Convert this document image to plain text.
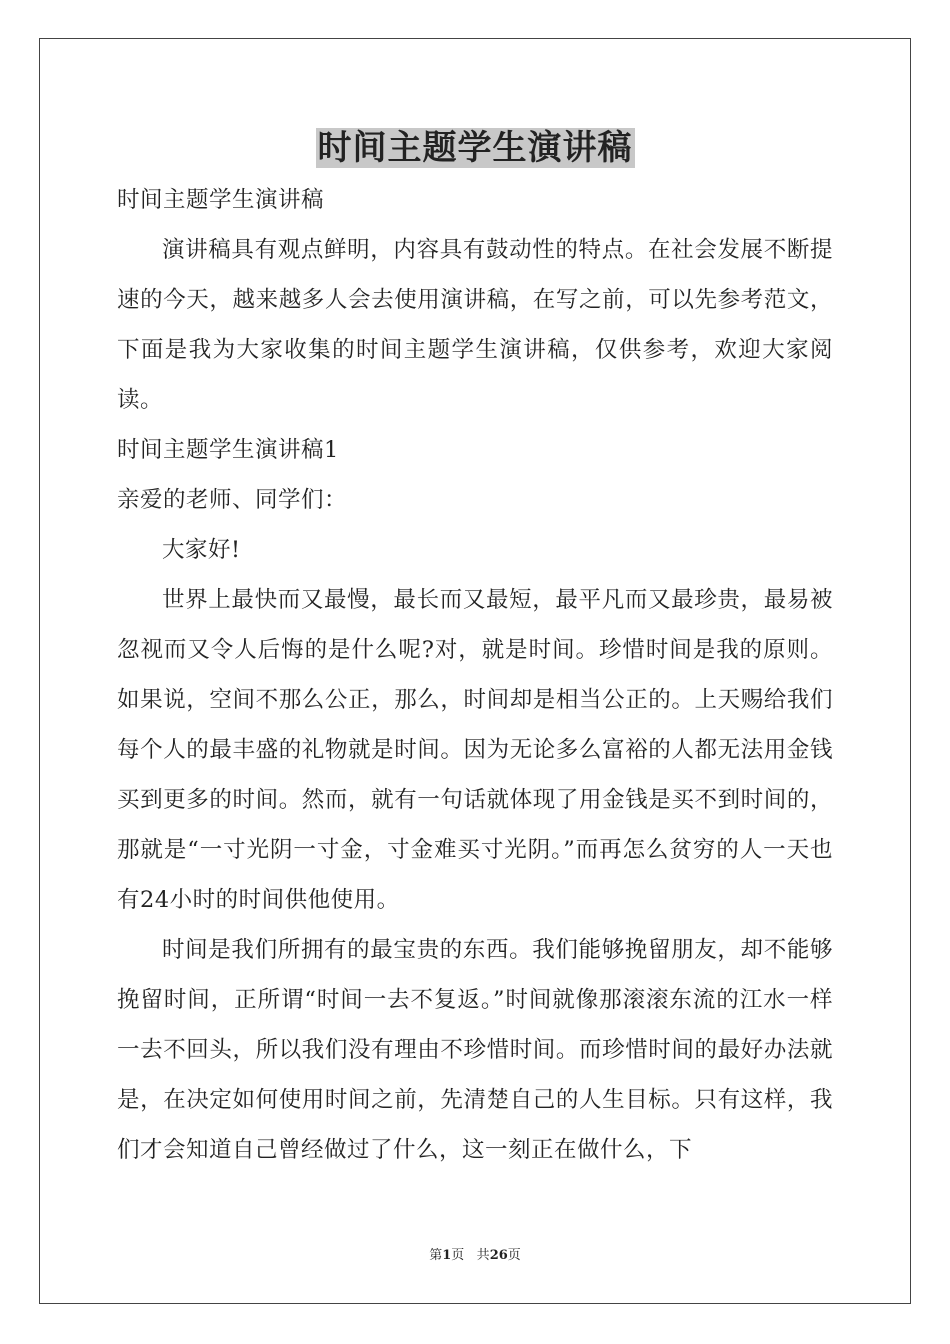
时间主题学生演讲稿

时间主题学生演讲稿

演讲稿具有观点鲜明，内容具有鼓动性的特点。在社会发展不断提速的今天，越来越多人会去使用演讲稿，在写之前，可以先参考范文，下面是我为大家收集的时间主题学生演讲稿，仅供参考，欢迎大家阅读。

时间主题学生演讲稿1

亲爱的老师、同学们：

大家好!

世界上最快而又最慢，最长而又最短，最平凡而又最珍贵，最易被忽视而又令人后悔的是什么呢?对，就是时间。珍惜时间是我的原则。如果说，空间不那么公正，那么，时间却是相当公正的。上天赐给我们每个人的最丰盛的礼物就是时间。因为无论多么富裕的人都无法用金钱买到更多的时间。然而，就有一句话就体现了用金钱是买不到时间的，那就是“一寸光阴一寸金，寸金难买寸光阴。”而再怎么贫穷的人一天也有24小时的时间供他使用。

时间是我们所拥有的最宝贵的东西。我们能够挽留朋友，却不能够挽留时间，正所谓“时间一去不复返。”时间就像那滚滚东流的江水一样一去不回头，所以我们没有理由不珍惜时间。而珍惜时间的最好办法就是，在决定如何使用时间之前，先清楚自己的人生目标。只有这样，我们才会知道自己曾经做过了什么，这一刻正在做什么，下

第1页 共26页
